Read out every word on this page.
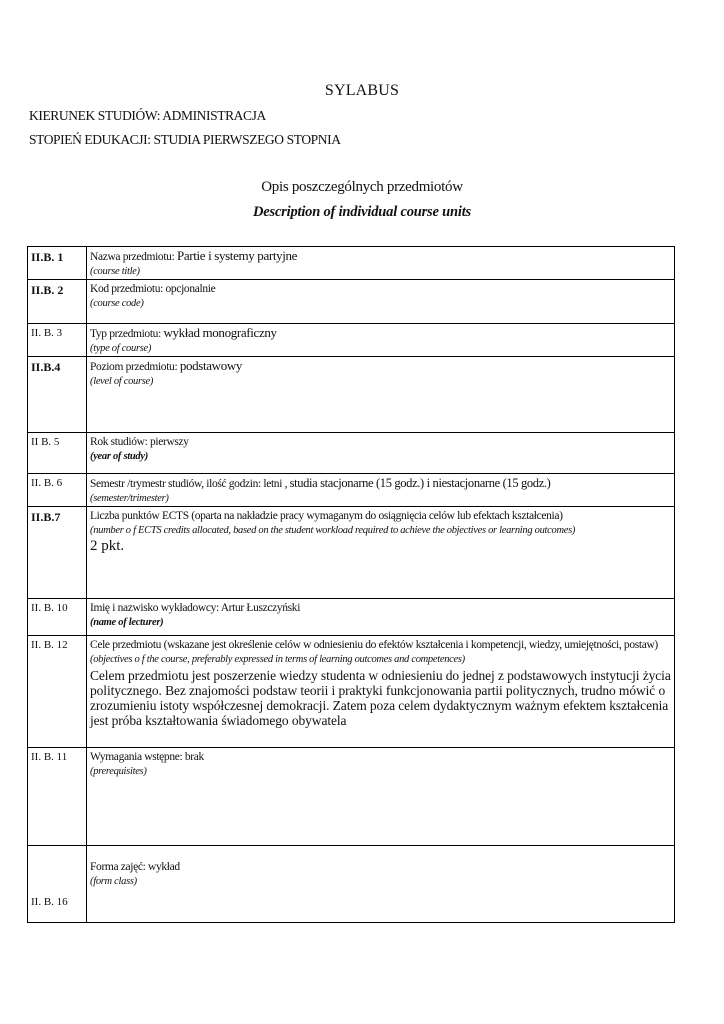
SYLABUS
KIERUNEK STUDIÓW: ADMINISTRACJA
STOPIEŃ EDUKACJI: STUDIA PIERWSZEGO STOPNIA
Opis poszczególnych przedmiotów
Description of individual course units
II.B. 1	Nazwa przedmiotu: Partie i systemy partyjne
(course title)
II.B. 2	Kod przedmiotu: opcjonalnie
(course code)
II. B. 3	Typ przedmiotu: wykład monograficzny
(type of course)
II.B.4	Poziom przedmiotu: podstawowy
(level of course)
II B. 5	Rok studiów: pierwszy
(year of study)
II. B. 6	Semestr /trymestr studiów, ilość godzin: letni , studia stacjonarne (15 godz.) i niestacjonarne (15 godz.)
(semester/trimester)
II.B.7	Liczba punktów ECTS (oparta na nakładzie pracy wymaganym do osiągnięcia celów lub efektach kształcenia)
(number o f ECTS credits allocated, based on the student workload required to achieve the objectives or learning outcomes)
2 pkt.
II. B. 10	Imię i nazwisko wykładowcy: Artur Łuszczyński
(name of lecturer)
II. B. 12	Cele przedmiotu (wskazane jest określenie celów w odniesieniu do efektów kształcenia i kompetencji, wiedzy, umiejętności, postaw)
(objectives o f the course, preferably expressed in terms of learning outcomes and competences)
Celem przedmiotu jest poszerzenie wiedzy studenta w odniesieniu do jednej z podstawowych instytucji życia politycznego. Bez znajomości podstaw teorii i praktyki funkcjonowania partii politycznych, trudno mówić o zrozumieniu istoty współczesnej demokracji. Zatem poza celem dydaktycznym ważnym efektem kształcenia jest próba kształtowania świadomego obywatela

II. B. 11	Wymagania wstępne: brak
(prerequisites)
II. B. 16	Forma zajęć: wykład
(form class)
